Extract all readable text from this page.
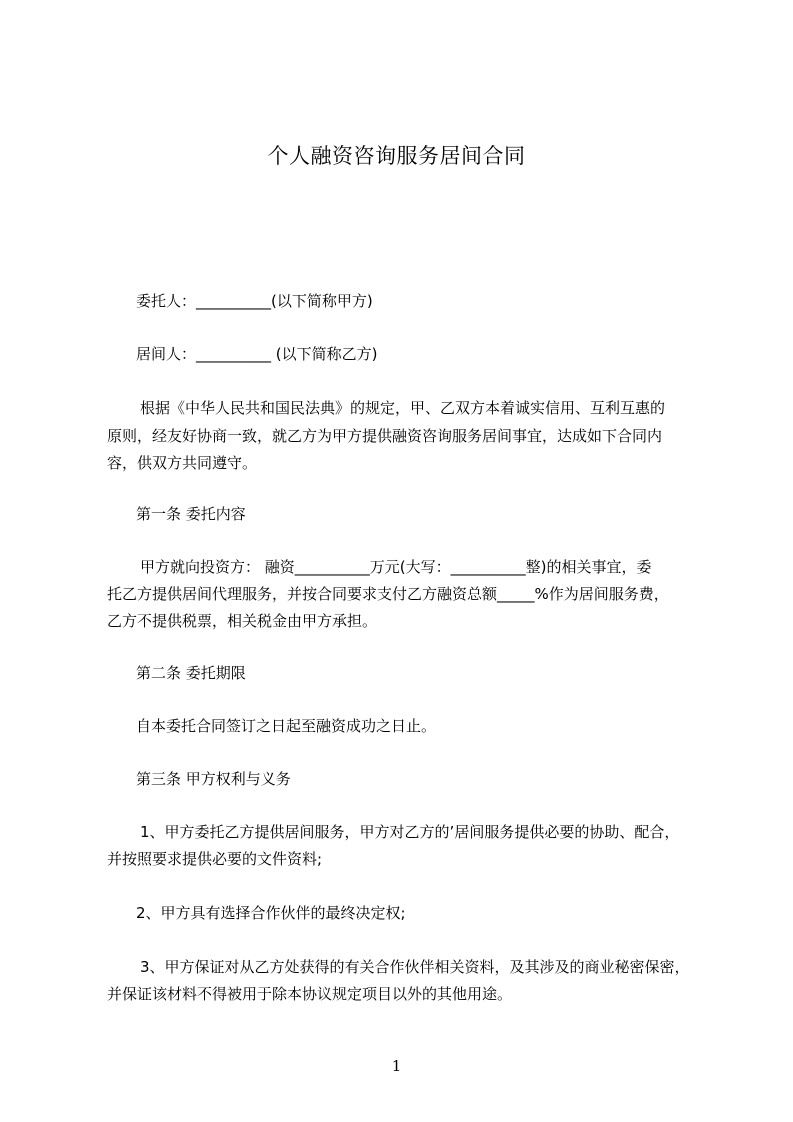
个人融资咨询服务居间合同
委托人：__________(以下简称甲方)
居间人：__________ (以下简称乙方)
根据《中华人民共和国民法典》的规定，甲、乙双方本着诚实信用、互利互惠的
原则，经友好协商一致，就乙方为甲方提供融资咨询服务居间事宜，达成如下合同内
容，供双方共同遵守。
第一条 委托内容
甲方就向投资方： 融资__________万元(大写：__________整)的相关事宜，委
托乙方提供居间代理服务，并按合同要求支付乙方融资总额_____%作为居间服务费，
乙方不提供税票，相关税金由甲方承担。
第二条 委托期限
自本委托合同签订之日起至融资成功之日止。
第三条 甲方权利与义务
1、甲方委托乙方提供居间服务，甲方对乙方的’居间服务提供必要的协助、配合，
并按照要求提供必要的文件资料;
2、甲方具有选择合作伙伴的最终决定权;
3、甲方保证对从乙方处获得的有关合作伙伴相关资料，及其涉及的商业秘密保密，
并保证该材料不得被用于除本协议规定项目以外的其他用途。
1
